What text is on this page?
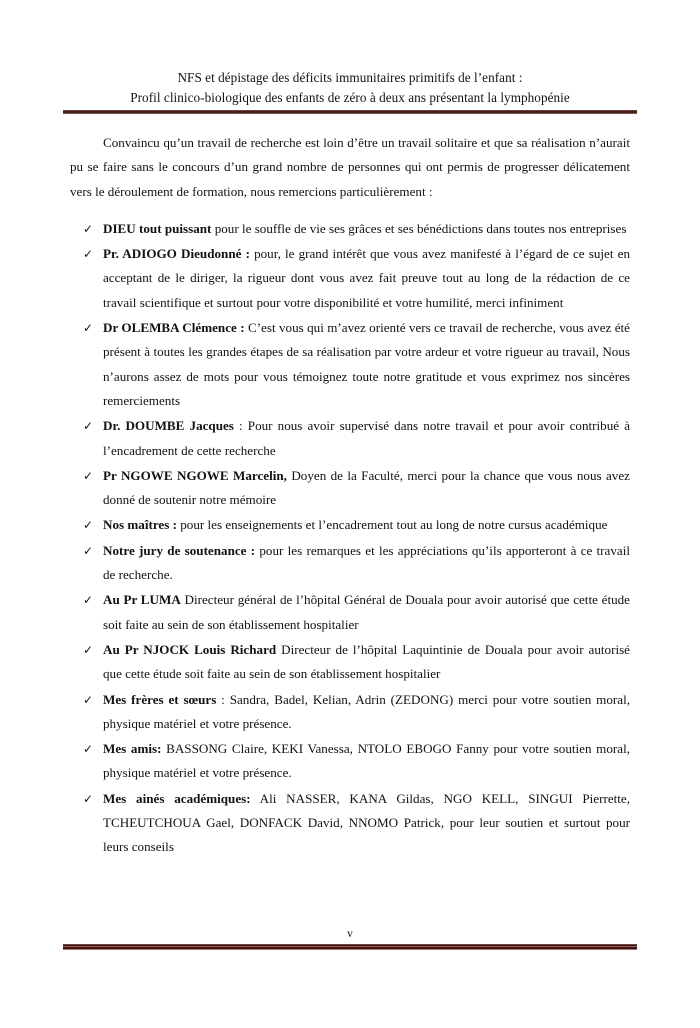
NFS et dépistage des déficits immunitaires primitifs de l’enfant :
Profil clinico-biologique des enfants de zéro à deux ans présentant la lymphopénie

Convaincu qu’un travail de recherche est loin d’être un travail solitaire et que sa réalisation n’aurait pu se faire sans le concours d’un grand nombre de personnes qui ont permis de progresser délicatement vers le déroulement de formation, nous remercions particulièrement :

✓ DIEU tout puissant pour le souffle de vie ses grâces et ses bénédictions dans toutes nos entreprises
✓ Pr. ADIOGO Dieudonné : pour, le grand intérêt que vous avez manifesté à l’égard de ce sujet en acceptant de le diriger, la rigueur dont vous avez fait preuve tout au long de la rédaction de ce travail scientifique et surtout pour votre disponibilité et votre humilité, merci infiniment
✓ Dr OLEMBA Clémence : C’est vous qui m’avez orienté vers ce travail de recherche, vous avez été présent à toutes les grandes étapes de sa réalisation par votre ardeur et votre rigueur au travail, Nous n’aurons assez de mots pour vous témoignez toute notre gratitude et vous exprimez nos sincères remerciements
✓ Dr. DOUMBE Jacques : Pour nous avoir supervisé dans notre travail et pour avoir contribué à l’encadrement de cette recherche
✓ Pr NGOWE NGOWE Marcelin, Doyen de la Faculté, merci pour la chance que vous nous avez donné de soutenir notre mémoire
✓ Nos maîtres : pour les enseignements et l’encadrement tout au long de notre cursus académique
✓ Notre jury de soutenance : pour les remarques et les appréciations qu’ils apporteront à ce travail de recherche.
✓ Au Pr LUMA Directeur général de l’hôpital Général de Douala pour avoir autorisé que cette étude soit faite au sein de son établissement hospitalier
✓ Au Pr NJOCK Louis Richard Directeur de l’hôpital Laquintinie de Douala pour avoir autorisé que cette étude soit faite au sein de son établissement hospitalier
✓ Mes frères et sœurs : Sandra, Badel, Kelian, Adrin (ZEDONG) merci pour votre soutien moral, physique matériel et votre présence.
✓ Mes amis: BASSONG Claire, KEKI Vanessa, NTOLO EBOGO Fanny pour votre soutien moral, physique matériel et votre présence.
✓ Mes ainés académiques: Ali NASSER, KANA Gildas, NGO KELL, SINGUI Pierrette, TCHEUTCHOUA Gael, DONFACK David, NNOMO Patrick, pour leur soutien et surtout pour leurs conseils
v
